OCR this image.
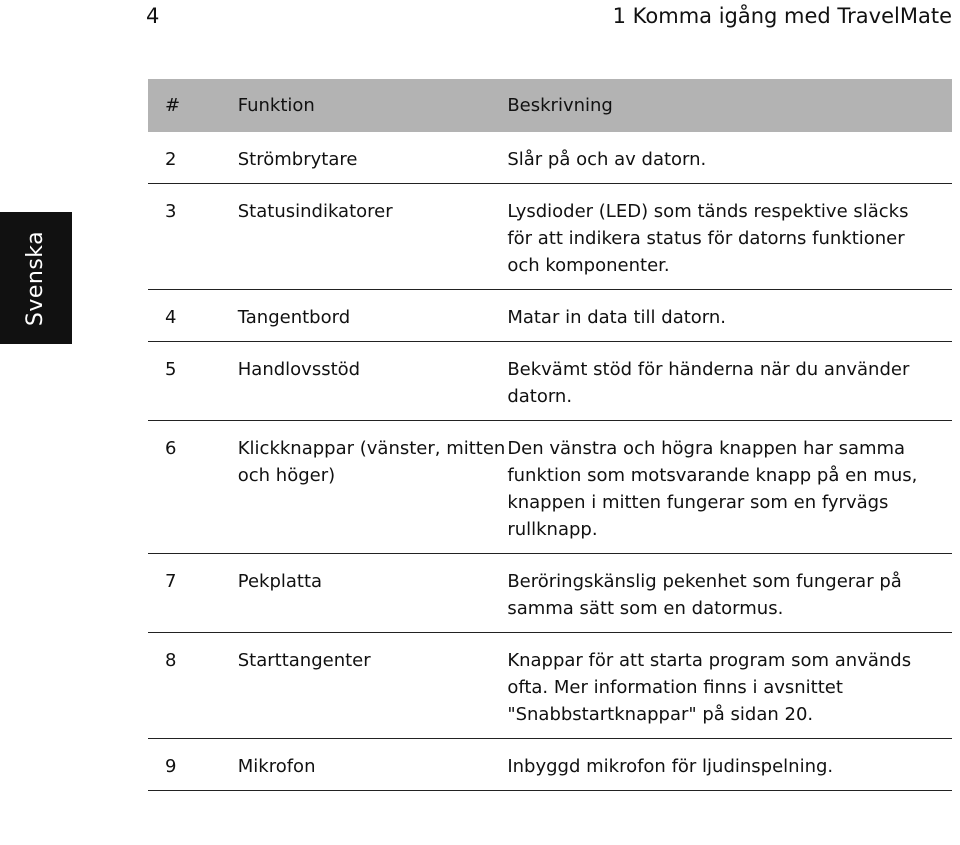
4	1 Komma igång med TravelMate
Svenska
#	Funktion	Beskrivning
2	Strömbrytare	Slår på och av datorn.

3	Statusindikatorer	Lysdioder (LED) som tänds respektive släcks för att indikera status för datorns funktioner och komponenter.

4	Tangentbord	Matar in data till datorn.

5	Handlovsstöd	Bekvämt stöd för händerna när du använder datorn.

6	Klickknappar (vänster, mitten och höger)	Den vänstra och högra knappen har samma funktion som motsvarande knapp på en mus, knappen i mitten fungerar som en fyrvägs rullknapp.

7	Pekplatta	Beröringskänslig pekenhet som fungerar på samma sätt som en datormus.

8	Starttangenter	Knappar för att starta program som används ofta. Mer information finns i avsnittet "Snabbstartknappar" på sidan 20.

9	Mikrofon	Inbyggd mikrofon för ljudinspelning.
